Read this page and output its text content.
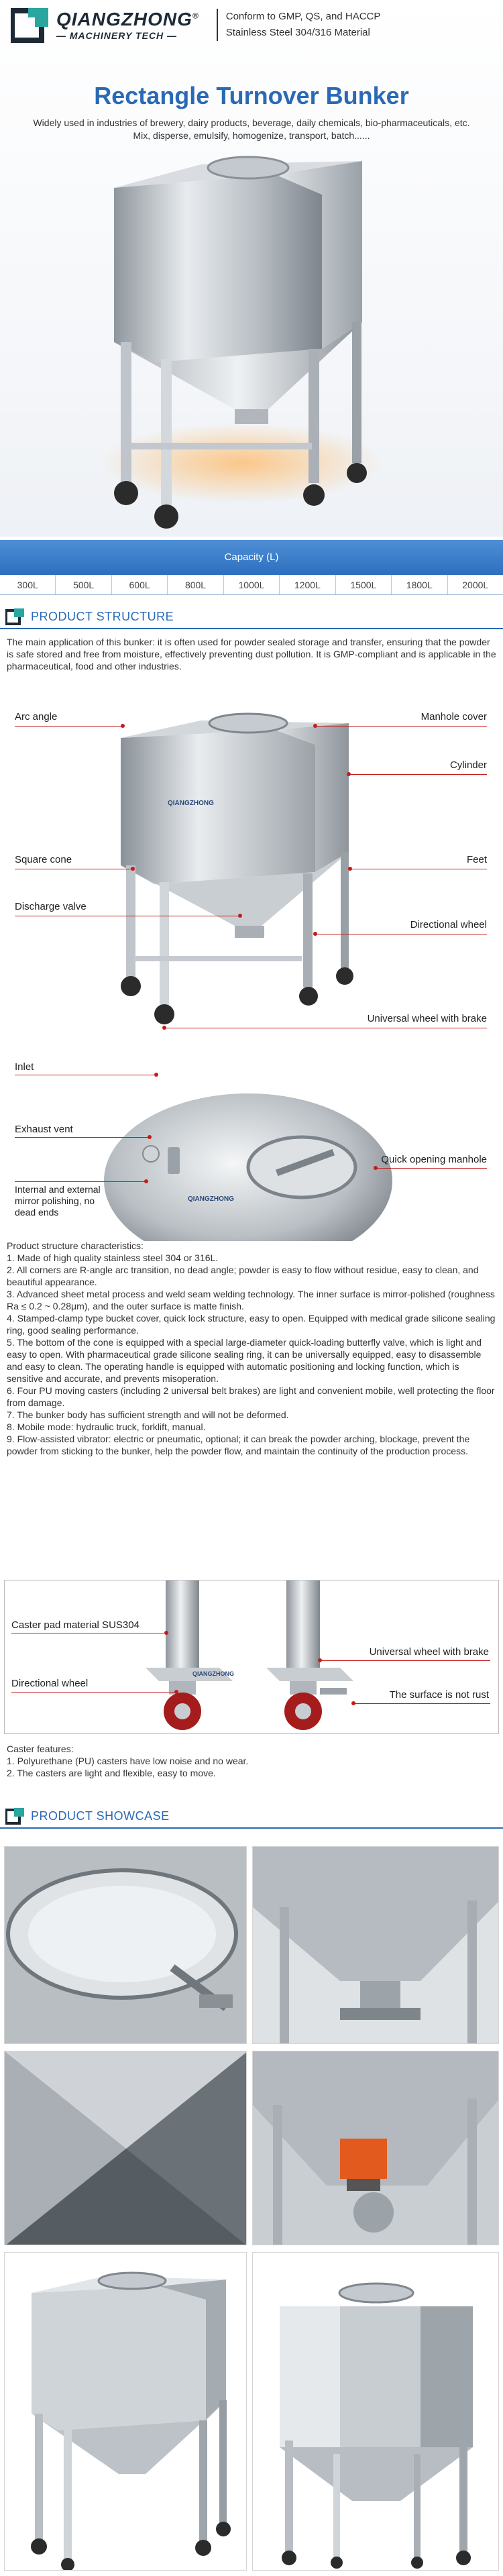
QIANGZHONG®
— MACHINERY TECH —
Conform to GMP, QS, and HACCP
Stainless Steel 304/316 Material
Rectangle Turnover Bunker

Widely used in industries of brewery, dairy products, beverage, daily chemicals, bio-pharmaceuticals, etc. Mix, disperse, emulsify, homogenize, transport, batch......

Capacity (L)
300L	500L	600L	800L	1000L	1200L	1500L	1800L	2000L
PRODUCT STRUCTURE

The main application of this bunker: it is often used for powder sealed storage and transfer, ensuring that the powder is safe stored and free from moisture, effectively preventing dust pollution. It is GMP-compliant and is applicable in the pharmaceutical, food and other industries.

QIANGZHONG
Arc angle
Square cone
Discharge valve
Manhole cover
Cylinder
Feet
Directional wheel
Universal wheel with brake
QIANGZHONG
Inlet
Exhaust vent
Internal and external mirror polishing, no dead ends
Quick opening manhole
Product structure characteristics:
1. Made of high quality stainless steel 304 or 316L.
2. All corners are R-angle arc transition, no dead angle; powder is easy to flow without residue, easy to clean, and beautiful appearance.
3. Advanced sheet metal process and weld seam welding technology. The inner surface is mirror-polished (roughness Ra ≤ 0.2 ~ 0.28μm), and the outer surface is matte finish.
4. Stamped-clamp type bucket cover, quick lock structure, easy to open. Equipped with medical grade silicone sealing ring, good sealing performance.
5. The bottom of the cone is equipped with a special large-diameter quick-loading butterfly valve, which is light and easy to open. With pharmaceutical grade silicone sealing ring, it can be universally equipped, easy to disassemble and easy to clean. The operating handle is equipped with automatic positioning and locking function, which is sensitive and accurate, and prevents misoperation.
6. Four PU moving casters (including 2 universal belt brakes) are light and convenient mobile, well protecting the floor from damage.
7. The bunker body has sufficient strength and will not be deformed.
8. Mobile mode: hydraulic truck, forklift, manual.
9. Flow-assisted vibrator: electric or pneumatic, optional; it can break the powder arching, blockage, prevent the powder from sticking to the bunker, help the powder flow, and maintain the continuity of the production process.
QIANGZHONG
Caster pad material SUS304
Directional wheel
Universal wheel with brake
The surface is not rust
Caster features:
1. Polyurethane (PU) casters have low noise and no wear.
2. The casters are light and flexible, easy to move.
PRODUCT SHOWCASE
